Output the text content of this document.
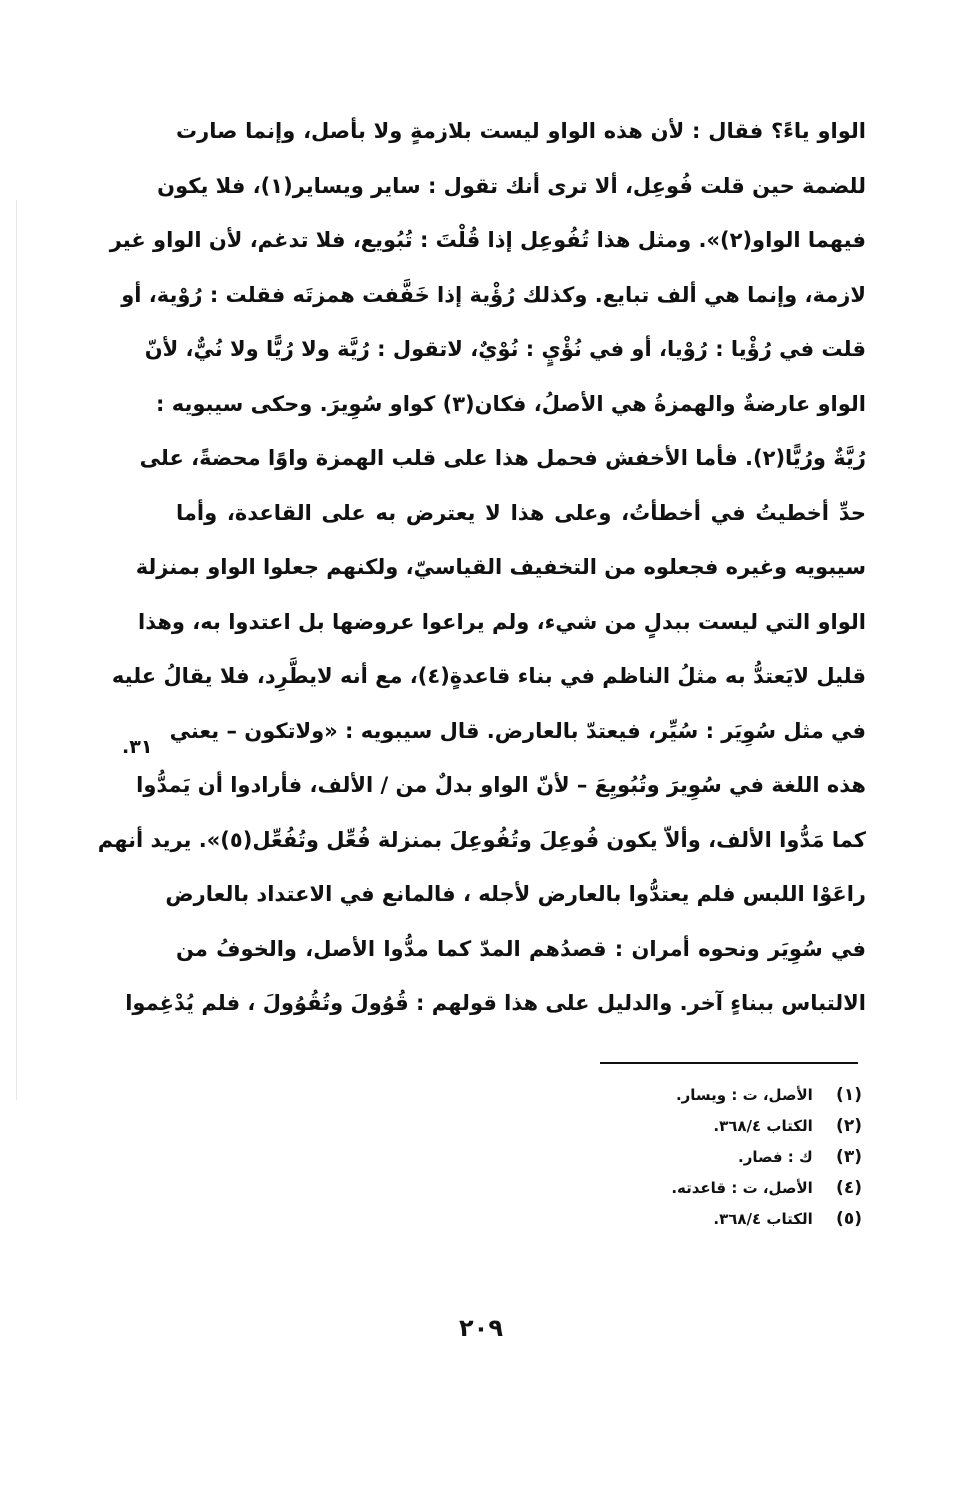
الواو ياءً؟ فقال : لأن هذه الواو ليست بلازمةٍ ولا بأصل، وإنما صارت
للضمة حين قلت فُوعِل، ألا ترى أنك تقول : ساير ويساير(١)، فلا يكون
فيهما الواو(٢)». ومثل هذا تُفُوعِل إذا قُلْتَ : تُبُويع، فلا تدغم، لأن الواو غير
لازمة، وإنما هي ألف تبايع. وكذلك رُؤْية إذا خَفَّفت همزتَه فقلت : رُوْية، أو
قلت في رُؤْيا : رُوْيا، أو في نُؤْيٍ : نُوْيٌ، لاتقول : رُيَّة ولا رُيًّا ولا نُيٌّ، لأنّ
الواو عارضةٌ والهمزةُ هي الأصلُ، فكان(٣) كواو سُوِيرَ. وحكى سيبويه :
رُيَّةٌ ورُيًّا(٢). فأما الأخفش فحمل هذا على قلب الهمزة واوًا محضةً، على
حدِّ أخطيتُ في أخطأتُ، وعلى هذا لا يعترض به على القاعدة، وأما
سيبويه وغيره فجعلوه من التخفيف القياسيّ، ولكنهم جعلوا الواو بمنزلة
الواو التي ليست ببدلٍ من شيء، ولم يراعوا عروضها بل اعتدوا به، وهذا
قليل لايَعتدُّ به مثلُ الناظم في بناء قاعدةٍ(٤)، مع أنه لايطَّرِد، فلا يقالُ عليه
في مثل سُوِيَر : سُيِّر، فيعتدّ بالعارض. قال سيبويه : «ولاتكون – يعني
هذه اللغة في سُوِيرَ وتُبُويِعَ – لأنّ الواو بدلٌ من / الألف، فأرادوا أن يَمدُّوا
كما مَدُّوا الألف، وألاّ يكون فُوعِلَ وتُفُوعِلَ بمنزلة فُعِّل وتُفُعِّل(٥)». يريد أنهم
راعَوْا اللبس فلم يعتدُّوا بالعارض لأجله ، فالمانع في الاعتداد بالعارض
في سُوِيَر ونحوه أمران : قصدُهم المدّ كما مدُّوا الأصل، والخوفُ من
الالتباس ببناءٍ آخر. والدليل على هذا قولهم : قُوُولَ وتُقُوُولَ ، فلم يُدْغِموا
٣١.
(١) الأصل، ت : ويسار.
(٢) الكتاب ٣٦٨/٤.
(٣) ك : فصار.
(٤) الأصل، ت : قاعدته.
(٥) الكتاب ٣٦٨/٤.
٢٠٩
